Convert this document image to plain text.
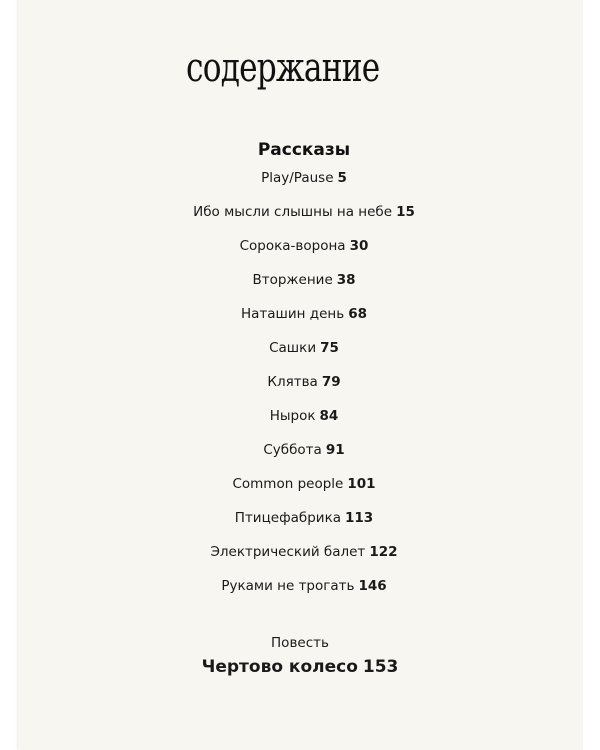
содержание
Рассказы
Play/Pause 5
Ибо мысли слышны на небе 15
Сорока-ворона 30
Вторжение 38
Наташин день 68
Сашки 75
Клятва 79
Нырок 84
Суббота 91
Common people 101
Птицефабрика 113
Электрический балет 122
Руками не трогать 146
Повесть
Чертово колесо 153
